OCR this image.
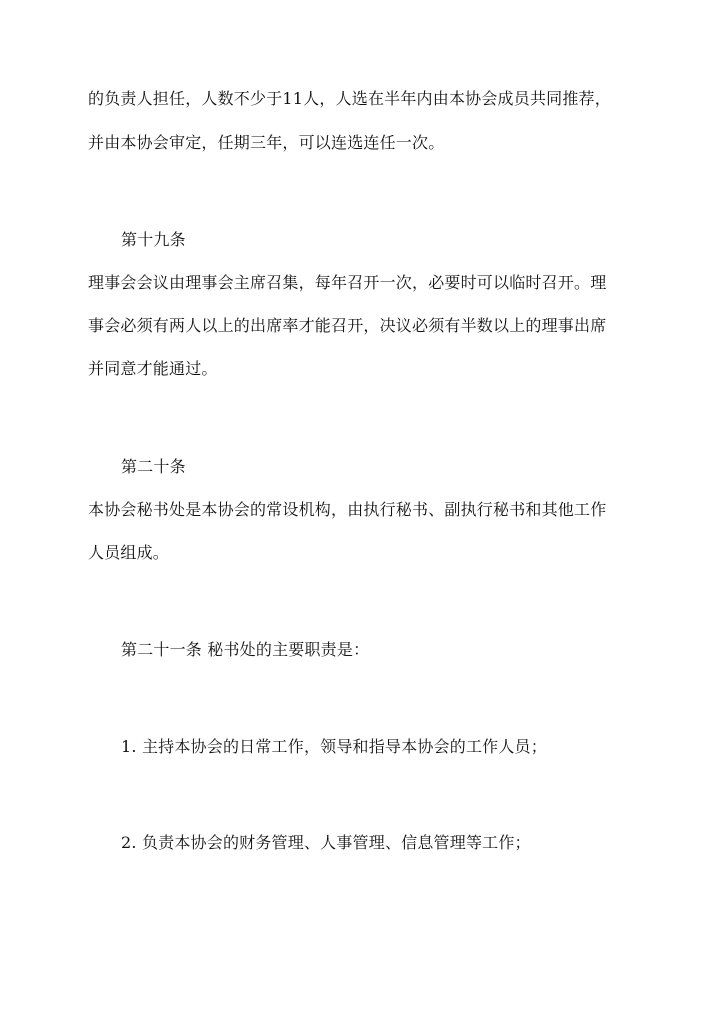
的负责人担任，人数不少于11人，人选在半年内由本协会成员共同推荐，
并由本协会审定，任期三年，可以连选连任一次。
第十九条
理事会会议由理事会主席召集，每年召开一次，必要时可以临时召开。理
事会必须有两人以上的出席率才能召开，决议必须有半数以上的理事出席
并同意才能通过。
第二十条
本协会秘书处是本协会的常设机构，由执行秘书、副执行秘书和其他工作
人员组成。
第二十一条 秘书处的主要职责是：
1. 主持本协会的日常工作，领导和指导本协会的工作人员；
2. 负责本协会的财务管理、人事管理、信息管理等工作；
